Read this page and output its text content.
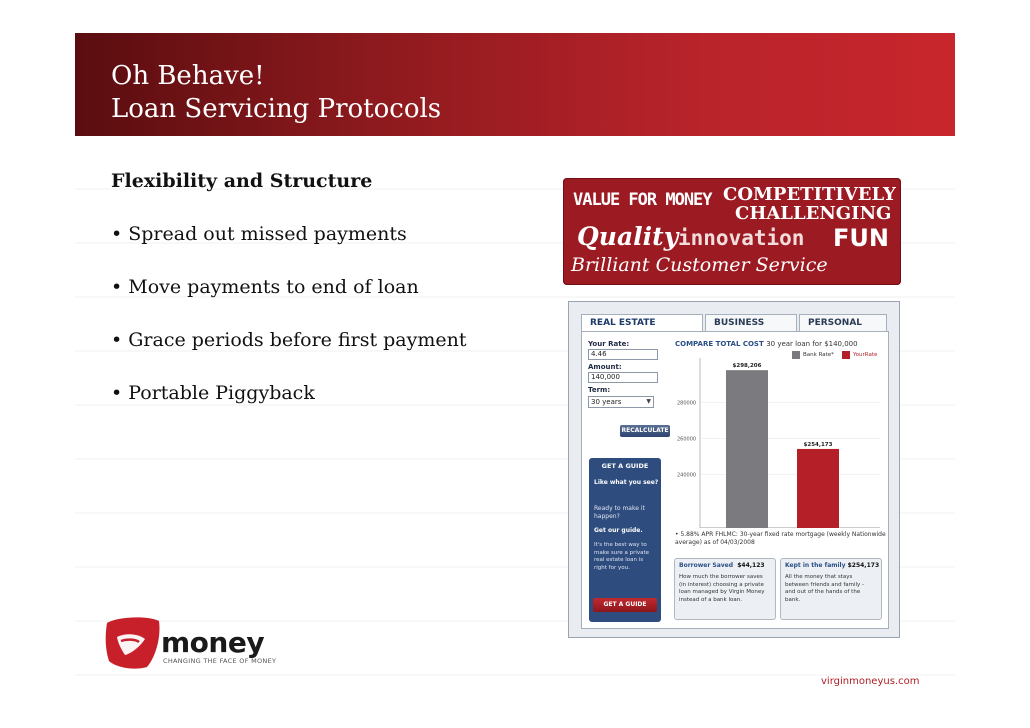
Oh Behave!
Loan Servicing Protocols
Flexibility and Structure
• Spread out missed payments
• Move payments to end of loan
• Grace periods before first payment
• Portable Piggyback
VALUE FOR MONEY COMPETITIVELY
CHALLENGING
Quality innovation FUN
Brilliant Customer Service
REAL ESTATE	BUSINESS	PERSONAL
Your Rate:
4.46
Amount:
140,000
Term:
30 years	▼
RECALCULATE
GET A GUIDE
Like what you see?
Ready to make it
happen?
Get our guide.
It's the best way to
make sure a private
real estate loan is
right for you.
GET A GUIDE
COMPARE TOTAL COST 30 year loan for $140,000
Bank Rate*	YourRate
280000
260000
240000
$298,206
$254,173
• 5.88% APR FHLMC: 30-year fixed rate mortgage (weekly Nationwide
average) as of 04/03/2008
Borrower Saved $44,123
How much the borrower saves
(in interest) choosing a private
loan managed by Virgin Money
instead of a bank loan.
Kept in the family $254,173
All the money that stays
between friends and family -
and out of the hands of the
bank.
money
CHANGING THE FACE OF MONEY
virginmoneyus.com
